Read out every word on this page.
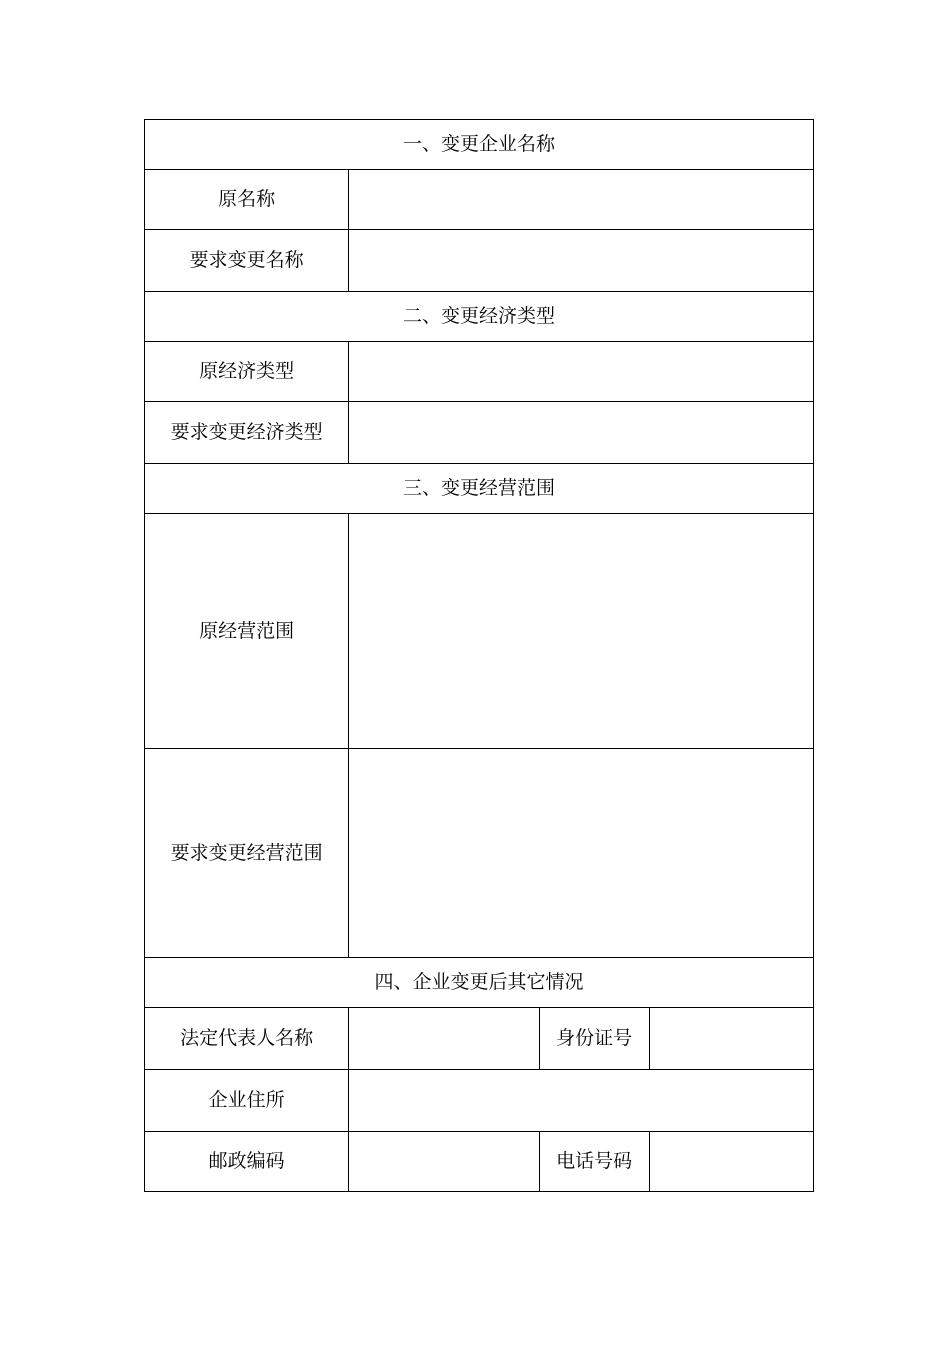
一、变更企业名称			
原名称			
要求变更名称			
二、变更经济类型			
原经济类型			
要求变更经济类型			
三、变更经营范围			
原经营范围			
要求变更经营范围			
四、企业变更后其它情况			
法定代表人名称		身份证号	
企业住所			
邮政编码		电话号码	
